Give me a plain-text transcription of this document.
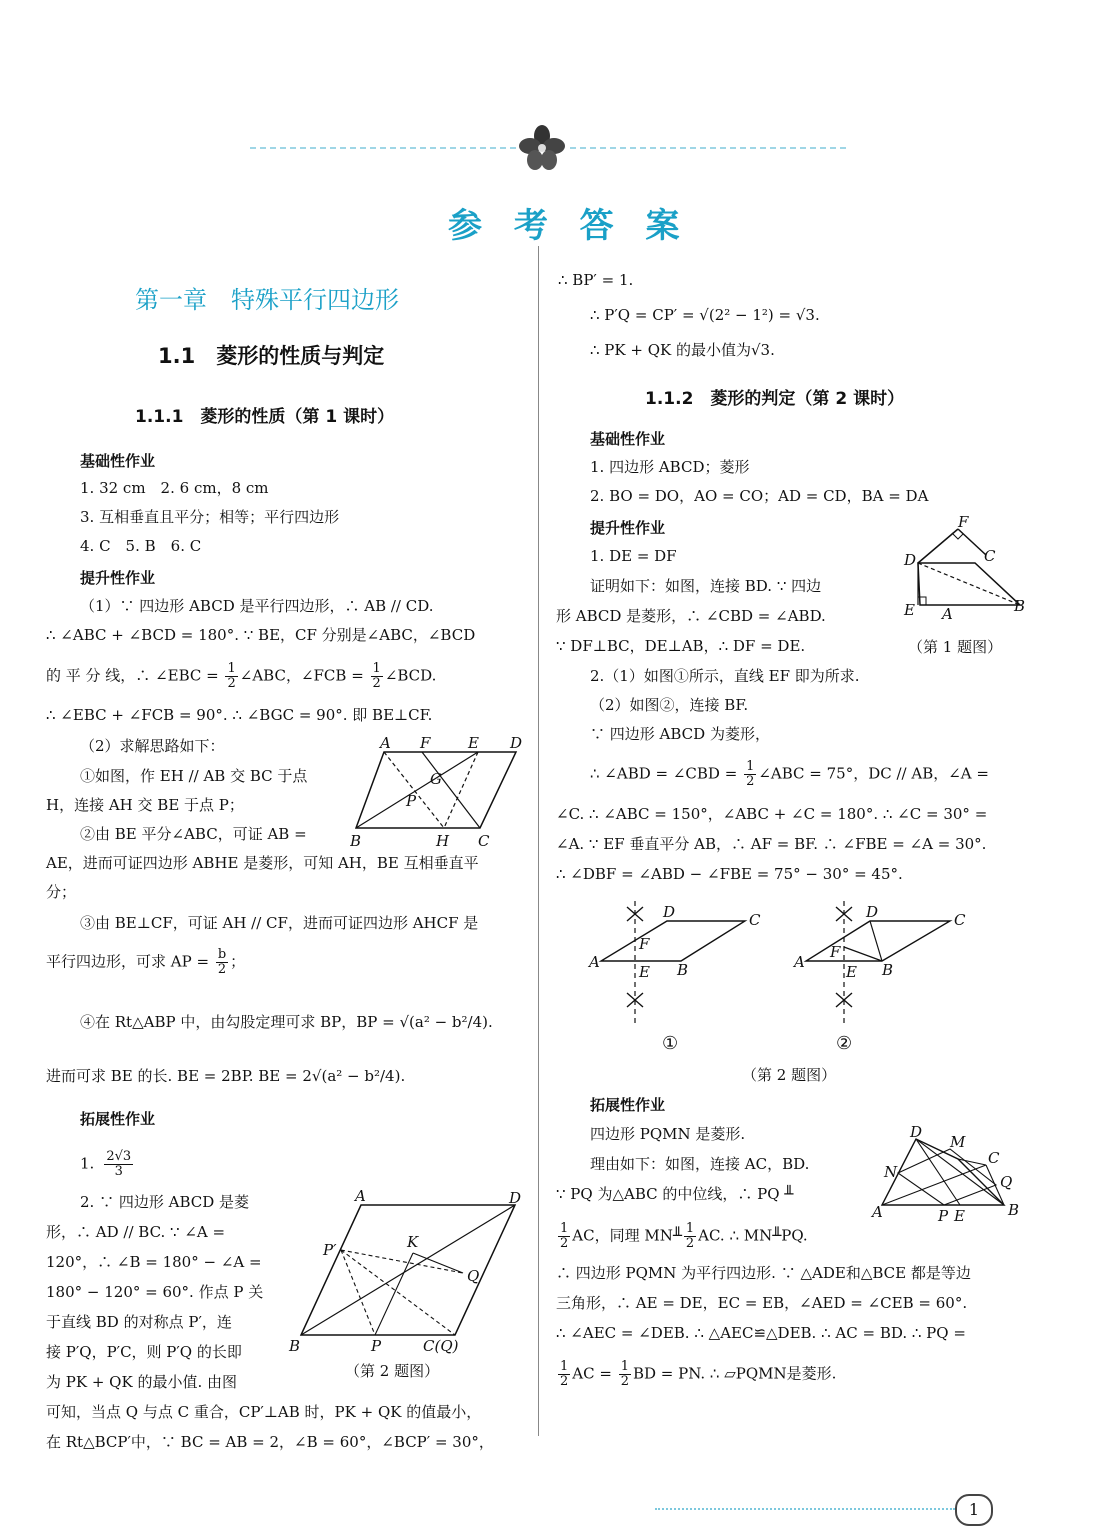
参 考 答 案
第一章　特殊平行四边形
1.1　菱形的性质与判定
1.1.1　菱形的性质（第 1 课时）
基础性作业
1. 32 cm　2. 6 cm，8 cm
3. 互相垂直且平分；相等；平行四边形
4. C　5. B　6. C
提升性作业
（1）∵ 四边形 ABCD 是平行四边形，∴ AB // CD.
∴ ∠ABC + ∠BCD = 180°. ∵ BE，CF 分别是∠ABC，∠BCD
的 平 分 线，∴ ∠EBC = $\frac{1}{2}$ ∠ABC，∠FCB = $\frac{1}{2}$ ∠BCD.
∴ ∠EBC + ∠FCB = 90°. ∴ ∠BGC = 90°. 即 BE⊥CF.
（2）求解思路如下：
①如图，作 EH // AB 交 BC 于点
H，连接 AH 交 BE 于点 P；
②由 BE 平分∠ABC，可证 AB =
AE，进而可证四边形 ABHE 是菱形，可知 AH，BE 互相垂直平
分；
③由 BE⊥CF，可证 AH // CF，进而可证四边形 AHCF 是
平行四边形，可求 AP = $\frac{b}{2}$ ；
④在 Rt△ABP 中，由勾股定理可求 BP，BP = √(a² − b²/4).
进而可求 BE 的长. BE = 2BP. BE = 2√(a² − b²/4).
拓展性作业
1. $\frac{2√3}{3}$
2. ∵ 四边形 ABCD 是菱
形，∴ AD // BC. ∵ ∠A =
120°，∴ ∠B = 180° − ∠A =
180° − 120° = 60°. 作点 P 关
于直线 BD 的对称点 P′，连
接 P′Q，P′C，则 P′Q 的长即
为 PK + QK 的最小值. 由图
可知，当点 Q 与点 C 重合，CP′⊥AB 时，PK + QK 的值最小，
在 Rt△BCP′中，∵ BC = AB = 2，∠B = 60°，∠BCP′ = 30°，
A F	E D
B	H C
G
P
A	D
P′	K
Q
B	P	C(Q)
（第 2 题图）
∴ BP′ = 1.
∴ P′Q = CP′ = √(2² − 1²) = √3.
∴ PK + QK 的最小值为√3.
1.1.2　菱形的判定（第 2 课时）
基础性作业
1. 四边形 ABCD；菱形
2. BO = DO，AO = CO；AD = CD，BA = DA
提升性作业
1. DE = DF
证明如下：如图，连接 BD. ∵ 四边
形 ABCD 是菱形，∴ ∠CBD = ∠ABD.
∵ DF⊥BC，DE⊥AB，∴ DF = DE.
F
D	C
E A	B
（第 1 题图）
2.（1）如图①所示，直线 EF 即为所求.
（2）如图②，连接 BF.
∵ 四边形 ABCD 为菱形，
∴ ∠ABD = ∠CBD = $\frac{1}{2}$ ∠ABC = 75°，DC // AB，∠A =
∠C. ∴ ∠ABC = 150°，∠ABC + ∠C = 180°. ∴ ∠C = 30° =
∠A. ∵ EF 垂直平分 AB，∴ AF = BF. ∴ ∠FBE = ∠A = 30°.
∴ ∠DBF = ∠ABD − ∠FBE = 75° − 30° = 45°.
D	C
A	B
F
E
D	C
A	B
F
E
①	②
（第 2 题图）
拓展性作业
四边形 PQMN 是菱形.
理由如下：如图，连接 AC，BD.
∵ PQ 为△ABC 的中位线，∴ PQ ╨
$\frac{1}{2}$ AC，同理 MN╨ $\frac{1}{2}$ AC. ∴ MN╨PQ.
D
M
C
N
Q
A	P E	B
∴ 四边形 PQMN 为平行四边形. ∵ △ADE和△BCE 都是等边
三角形，∴ AE = DE，EC = EB，∠AED = ∠CEB = 60°.
∴ ∠AEC = ∠DEB. ∴ △AEC≌△DEB. ∴ AC = BD. ∴ PQ =
$\frac{1}{2}$ AC = $\frac{1}{2}$ BD = PN. ∴ ▱PQMN是菱形.
1
